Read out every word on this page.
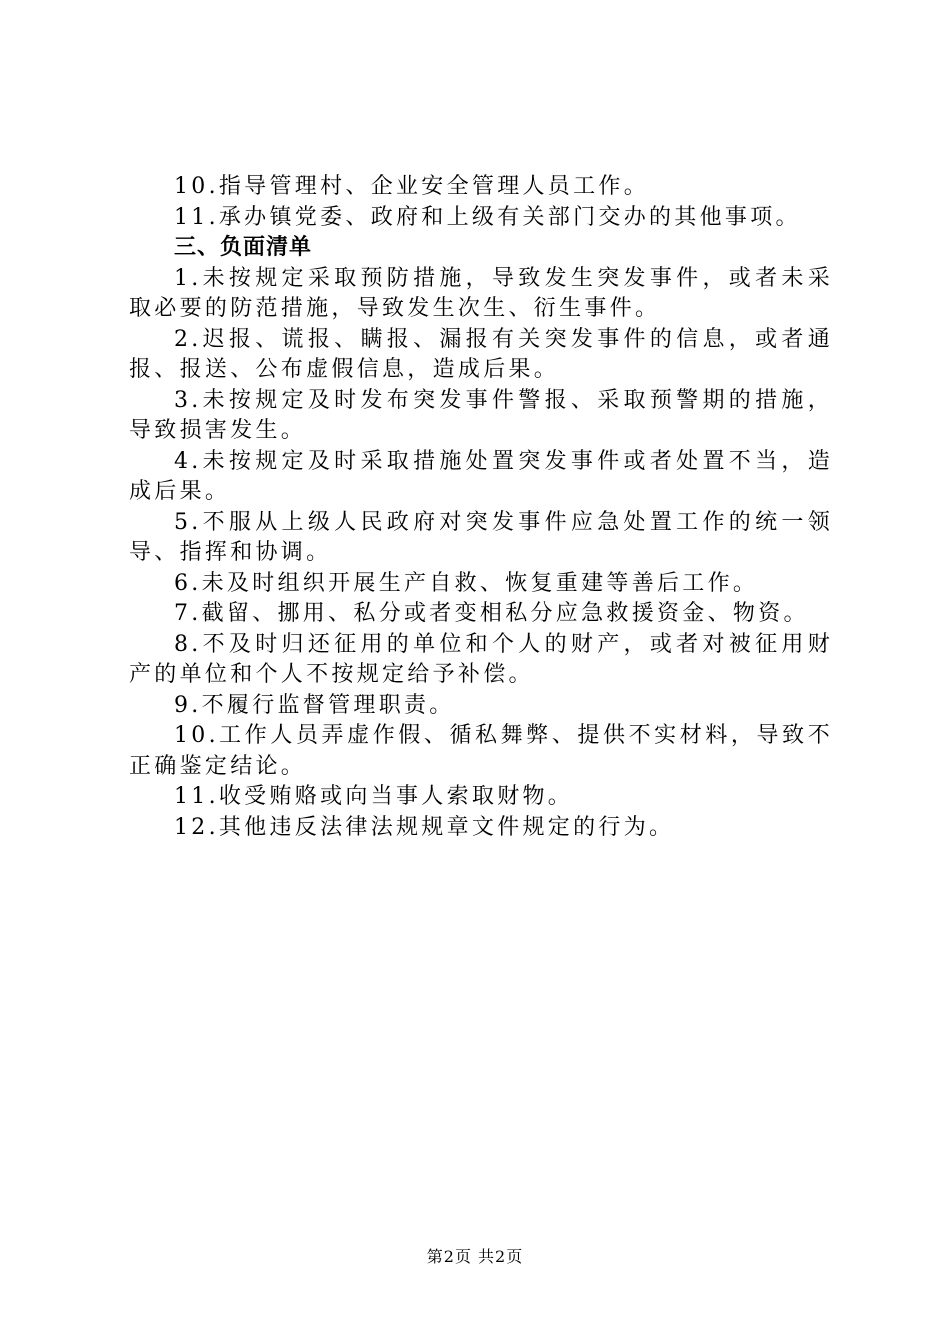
10.指导管理村、企业安全管理人员工作。

11.承办镇党委、政府和上级有关部门交办的其他事项。

三、负面清单

1.未按规定采取预防措施，导致发生突发事件，或者未采取必要的防范措施，导致发生次生、衍生事件。

2.迟报、谎报、瞒报、漏报有关突发事件的信息，或者通报、报送、公布虚假信息，造成后果。

3.未按规定及时发布突发事件警报、采取预警期的措施，导致损害发生。

4.未按规定及时采取措施处置突发事件或者处置不当，造成后果。

5.不服从上级人民政府对突发事件应急处置工作的统一领导、指挥和协调。

6.未及时组织开展生产自救、恢复重建等善后工作。

7.截留、挪用、私分或者变相私分应急救援资金、物资。

8.不及时归还征用的单位和个人的财产，或者对被征用财产的单位和个人不按规定给予补偿。

9.不履行监督管理职责。

10.工作人员弄虚作假、循私舞弊、提供不实材料，导致不正确鉴定结论。

11.收受贿赂或向当事人索取财物。

12.其他违反法律法规规章文件规定的行为。

第2页 共2页
